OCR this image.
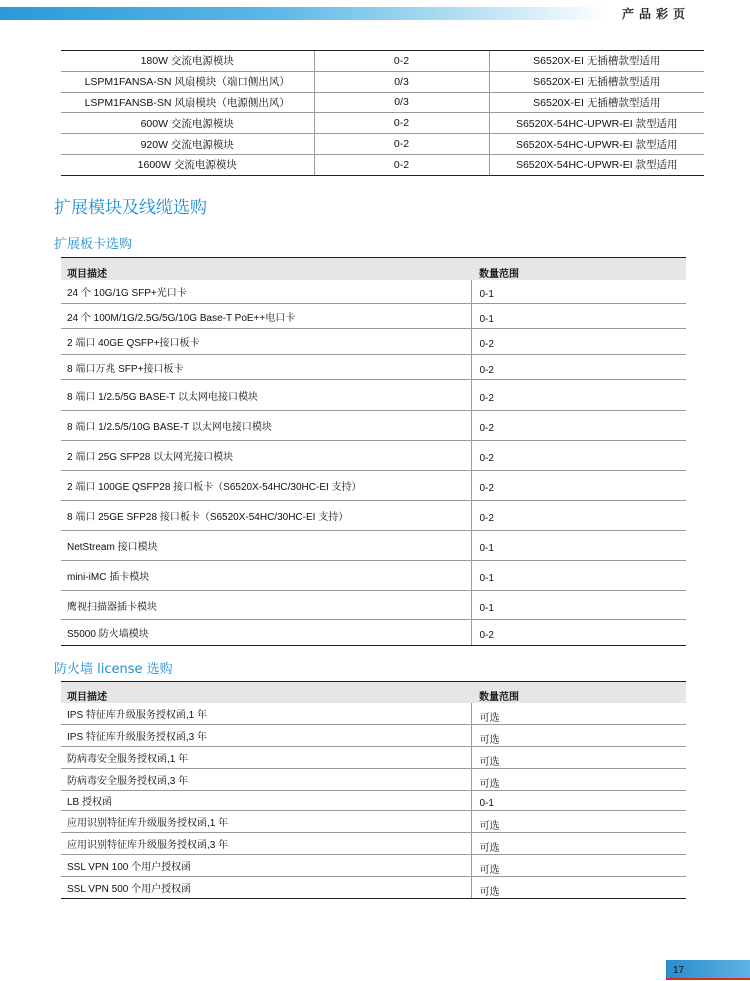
产品彩页
180W 交流电源模块	0-2	S6520X-EI 无插槽款型适用
LSPM1FANSA-SN 风扇模块（端口侧出风）	0/3	S6520X-EI 无插槽款型适用
LSPM1FANSB-SN 风扇模块（电源侧出风）	0/3	S6520X-EI 无插槽款型适用
600W 交流电源模块	0-2	S6520X-54HC-UPWR-EI 款型适用
920W 交流电源模块	0-2	S6520X-54HC-UPWR-EI 款型适用
1600W 交流电源模块	0-2	S6520X-54HC-UPWR-EI 款型适用
扩展模块及线缆选购
扩展板卡选购
项目描述	数量范围
24 个 10G/1G SFP+光口卡	0-1
24 个 100M/1G/2.5G/5G/10G Base-T PoE++电口卡	0-1
2 端口 40GE QSFP+接口板卡	0-2
8 端口万兆 SFP+接口板卡	0-2
8 端口 1/2.5/5G BASE-T 以太网电接口模块	0-2
8 端口 1/2.5/5/10G BASE-T 以太网电接口模块	0-2
2 端口 25G SFP28 以太网光接口模块	0-2
2 端口 100GE QSFP28 接口板卡（S6520X-54HC/30HC-EI 支持）	0-2
8 端口 25GE SFP28 接口板卡（S6520X-54HC/30HC-EI 支持）	0-2
NetStream 接口模块	0-1
mini-iMC 插卡模块	0-1
鹰视扫描器插卡模块	0-1
S5000 防火墙模块	0-2
防火墙 license 选购
项目描述	数量范围
IPS 特征库升级服务授权函,1 年	可选
IPS 特征库升级服务授权函,3 年	可选
防病毒安全服务授权函,1 年	可选
防病毒安全服务授权函,3 年	可选
LB 授权函	0-1
应用识别特征库升级服务授权函,1 年	可选
应用识别特征库升级服务授权函,3 年	可选
SSL VPN 100 个用户授权函	可选
SSL VPN 500 个用户授权函	可选
17
